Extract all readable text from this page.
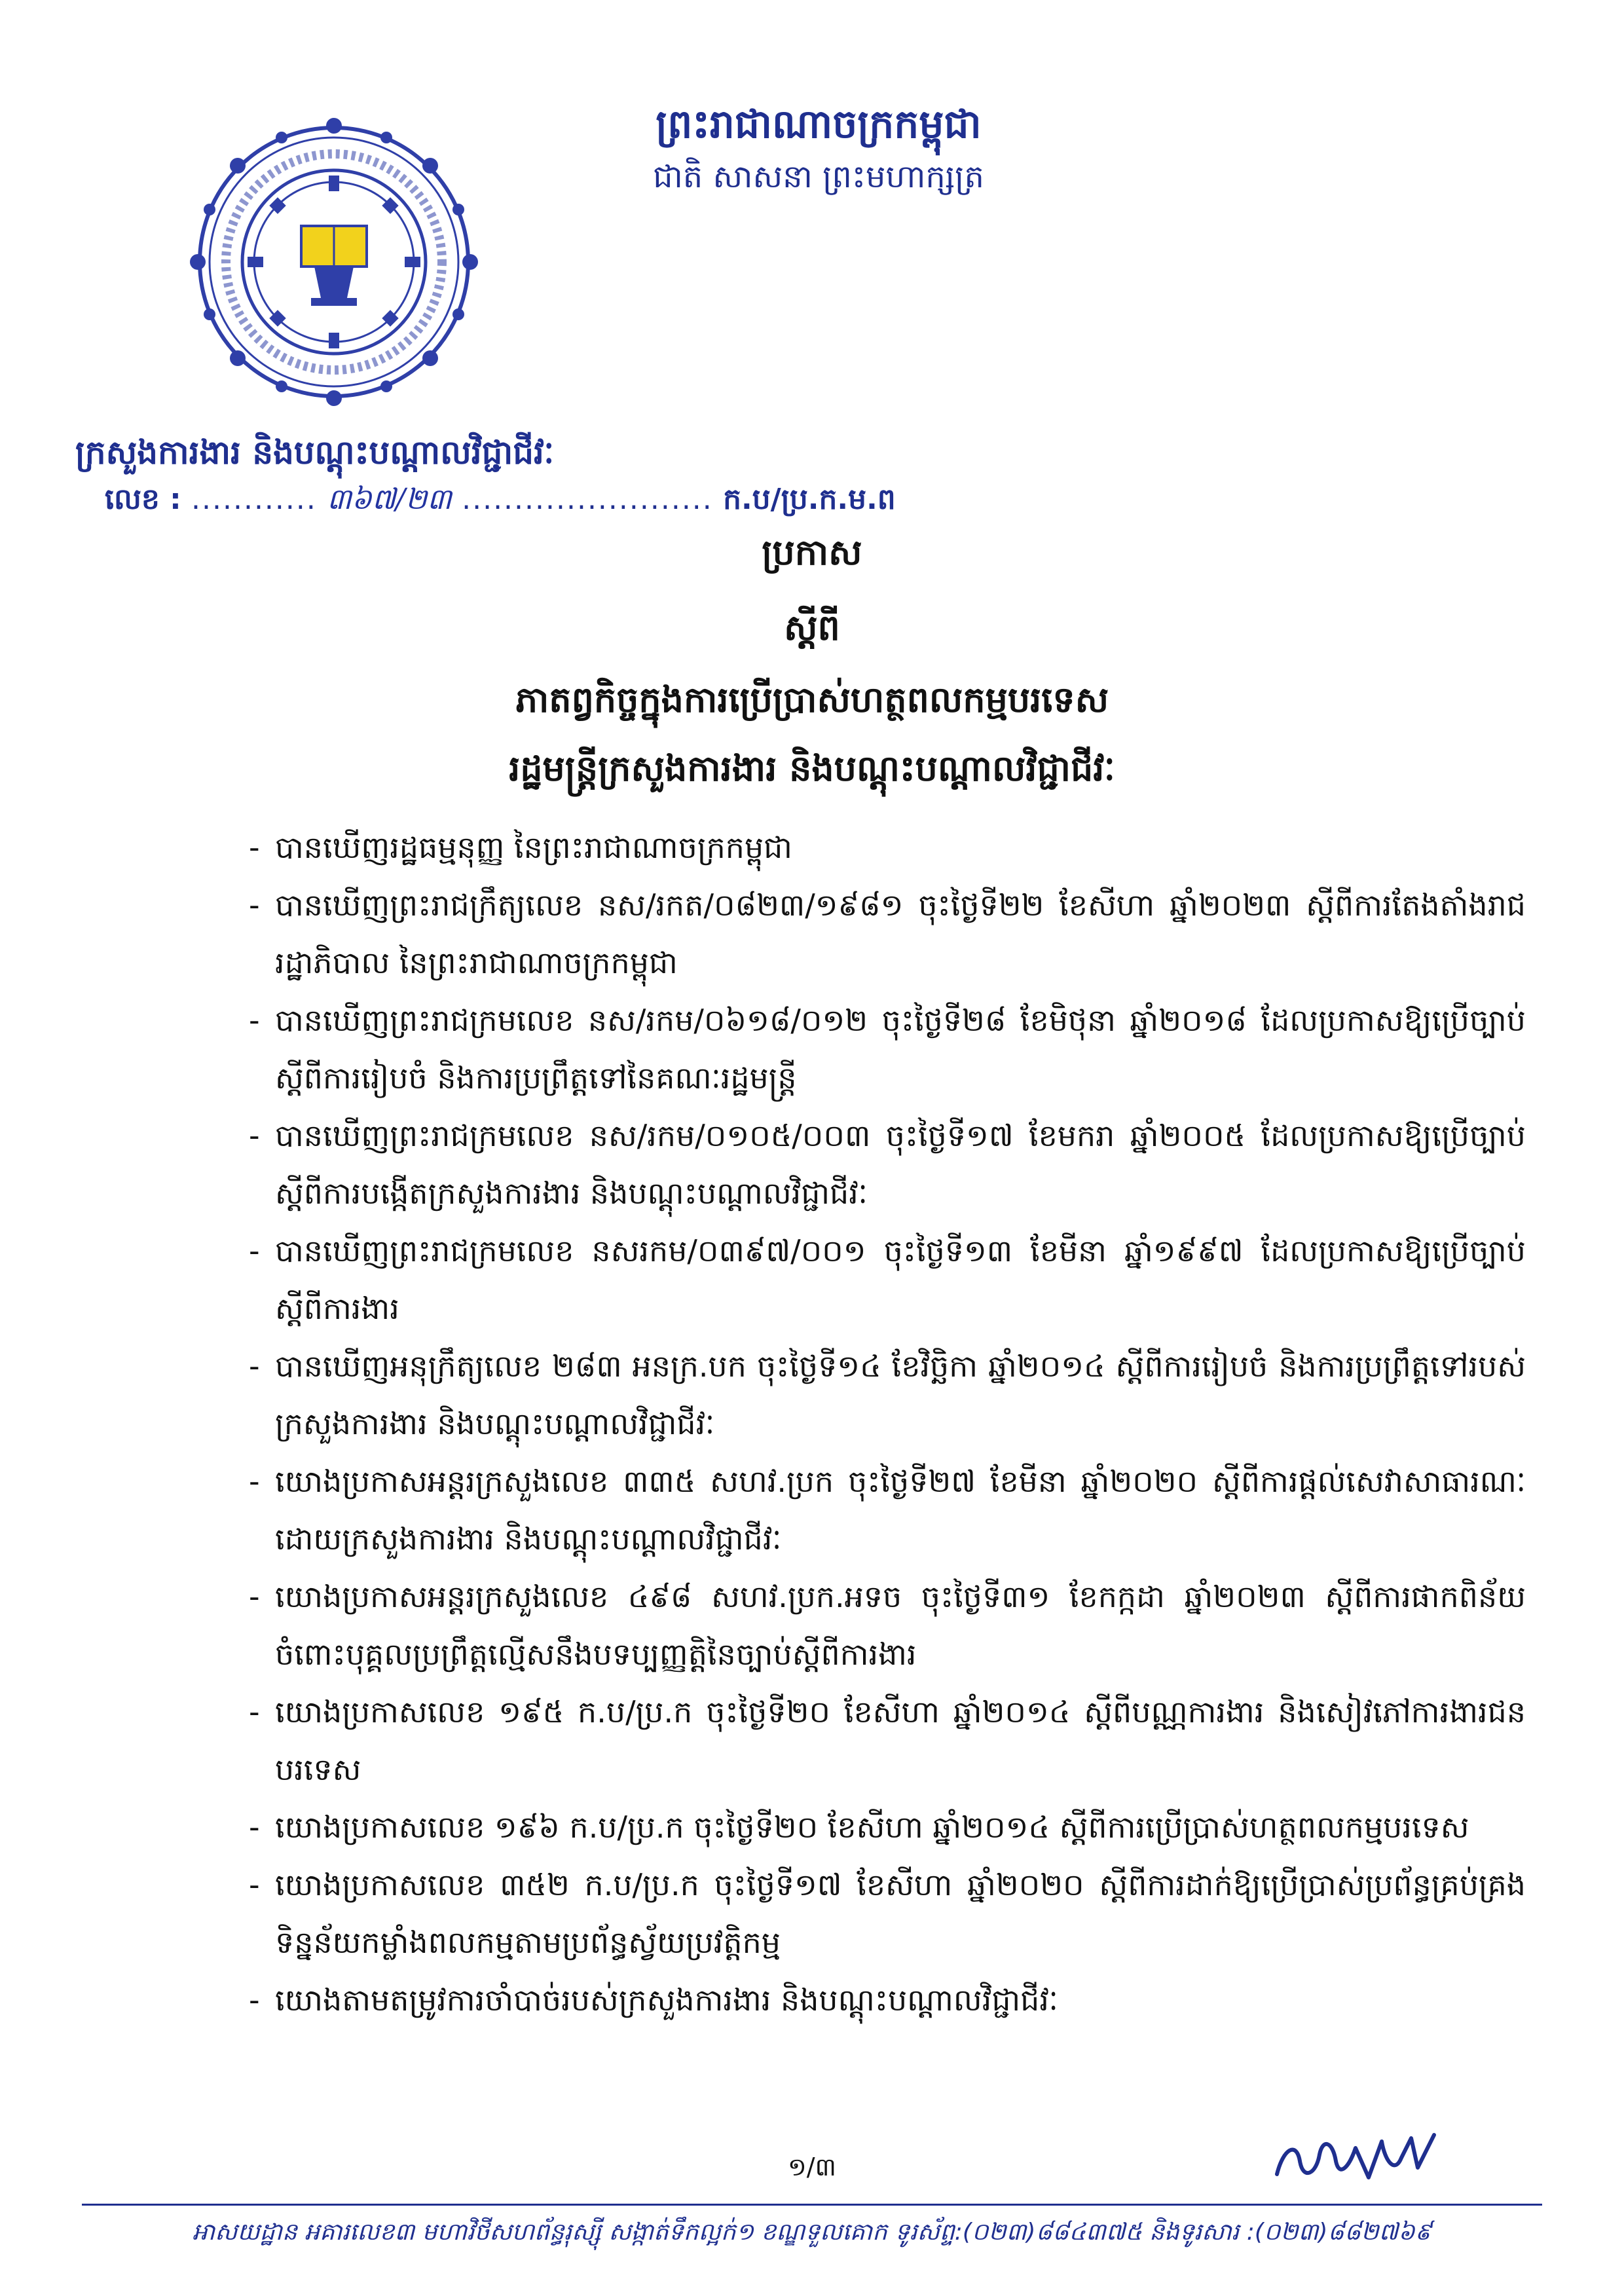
ព្រះរាជាណាចក្រកម្ពុជា
ជាតិ សាសនា ព្រះមហាក្សត្រ
ក្រសួងការងារ និងបណ្តុះបណ្តាលវិជ្ជាជីវៈ
លេខ : ............ ៣៦៧/២៣ ........................ ក.ប/ប្រ.ក.ម.ព
ប្រកាស
ស្តីពី
ភាតព្វកិច្ចក្នុងការប្រើប្រាស់ហត្ថពលកម្មបរទេស
រដ្ឋមន្ត្រីក្រសួងការងារ និងបណ្តុះបណ្តាលវិជ្ជាជីវៈ
- បានឃើញរដ្ឋធម្មនុញ្ញ នៃព្រះរាជាណាចក្រកម្ពុជា
- បានឃើញព្រះរាជក្រឹត្យលេខ នស/រកត/០៨២៣/១៩៨១ ចុះថ្ងៃទី២២ ខែសីហា ឆ្នាំ២០២៣ ស្តីពីការតែងតាំងរាជរដ្ឋាភិបាល នៃព្រះរាជាណាចក្រកម្ពុជា
- បានឃើញព្រះរាជក្រមលេខ នស/រកម/០៦១៨/០១២ ចុះថ្ងៃទី២៨ ខែមិថុនា ឆ្នាំ២០១៨ ដែលប្រកាសឱ្យប្រើច្បាប់ស្តីពីការរៀបចំ និងការប្រព្រឹត្តទៅនៃគណៈរដ្ឋមន្ត្រី
- បានឃើញព្រះរាជក្រមលេខ នស/រកម/០១០៥/០០៣ ចុះថ្ងៃទី១៧ ខែមករា ឆ្នាំ២០០៥ ដែលប្រកាសឱ្យប្រើច្បាប់ស្តីពីការបង្កើតក្រសួងការងារ និងបណ្តុះបណ្តាលវិជ្ជាជីវៈ
- បានឃើញព្រះរាជក្រមលេខ នសរកម/០៣៩៧/០០១ ចុះថ្ងៃទី១៣ ខែមីនា ឆ្នាំ១៩៩៧ ដែលប្រកាសឱ្យប្រើច្បាប់ស្តីពីការងារ
- បានឃើញអនុក្រឹត្យលេខ ២៨៣ អនក្រ.បក ចុះថ្ងៃទី១៤ ខែវិច្ឆិកា ឆ្នាំ២០១៤ ស្តីពីការរៀបចំ និងការប្រព្រឹត្តទៅរបស់ក្រសួងការងារ និងបណ្តុះបណ្តាលវិជ្ជាជីវៈ
- យោងប្រកាសអន្តរក្រសួងលេខ ៣៣៥ សហវ.ប្រក ចុះថ្ងៃទី២៧ ខែមីនា ឆ្នាំ២០២០ ស្តីពីការផ្តល់សេវាសាធារណៈដោយក្រសួងការងារ និងបណ្តុះបណ្តាលវិជ្ជាជីវៈ
- យោងប្រកាសអន្តរក្រសួងលេខ ៤៩៨ សហវ.ប្រក.អទច ចុះថ្ងៃទី៣១ ខែកក្កដា ឆ្នាំ២០២៣ ស្តីពីការផាកពិន័យចំពោះបុគ្គលប្រព្រឹត្តល្មើសនឹងបទប្បញ្ញត្តិនៃច្បាប់ស្តីពីការងារ
- យោងប្រកាសលេខ ១៩៥ ក.ប/ប្រ.ក ចុះថ្ងៃទី២០ ខែសីហា ឆ្នាំ២០១៤ ស្តីពីបណ្ណការងារ និងសៀវភៅការងារជនបរទេស
- យោងប្រកាសលេខ ១៩៦ ក.ប/ប្រ.ក ចុះថ្ងៃទី២០ ខែសីហា ឆ្នាំ២០១៤ ស្តីពីការប្រើប្រាស់ហត្ថពលកម្មបរទេស
- យោងប្រកាសលេខ ៣៥២ ក.ប/ប្រ.ក ចុះថ្ងៃទី១៧ ខែសីហា ឆ្នាំ២០២០ ស្តីពីការដាក់ឱ្យប្រើប្រាស់ប្រព័ន្ធគ្រប់គ្រងទិន្នន័យកម្លាំងពលកម្មតាមប្រព័ន្ធស្វ័យប្រវត្តិកម្ម
- យោងតាមតម្រូវការចាំបាច់របស់ក្រសួងការងារ និងបណ្តុះបណ្តាលវិជ្ជាជីវៈ
១/៣
អាសយដ្ឋាន អគារលេខ៣ មហាវិថីសហព័ន្ធរុស្ស៊ី សង្កាត់ទឹកល្អក់១ ខណ្ឌទួលគោក ទូរស័ព្ទ:(០២៣)៨៨៤៣៧៥ និងទូរសារ :(០២៣)៨៨២៧៦៩
